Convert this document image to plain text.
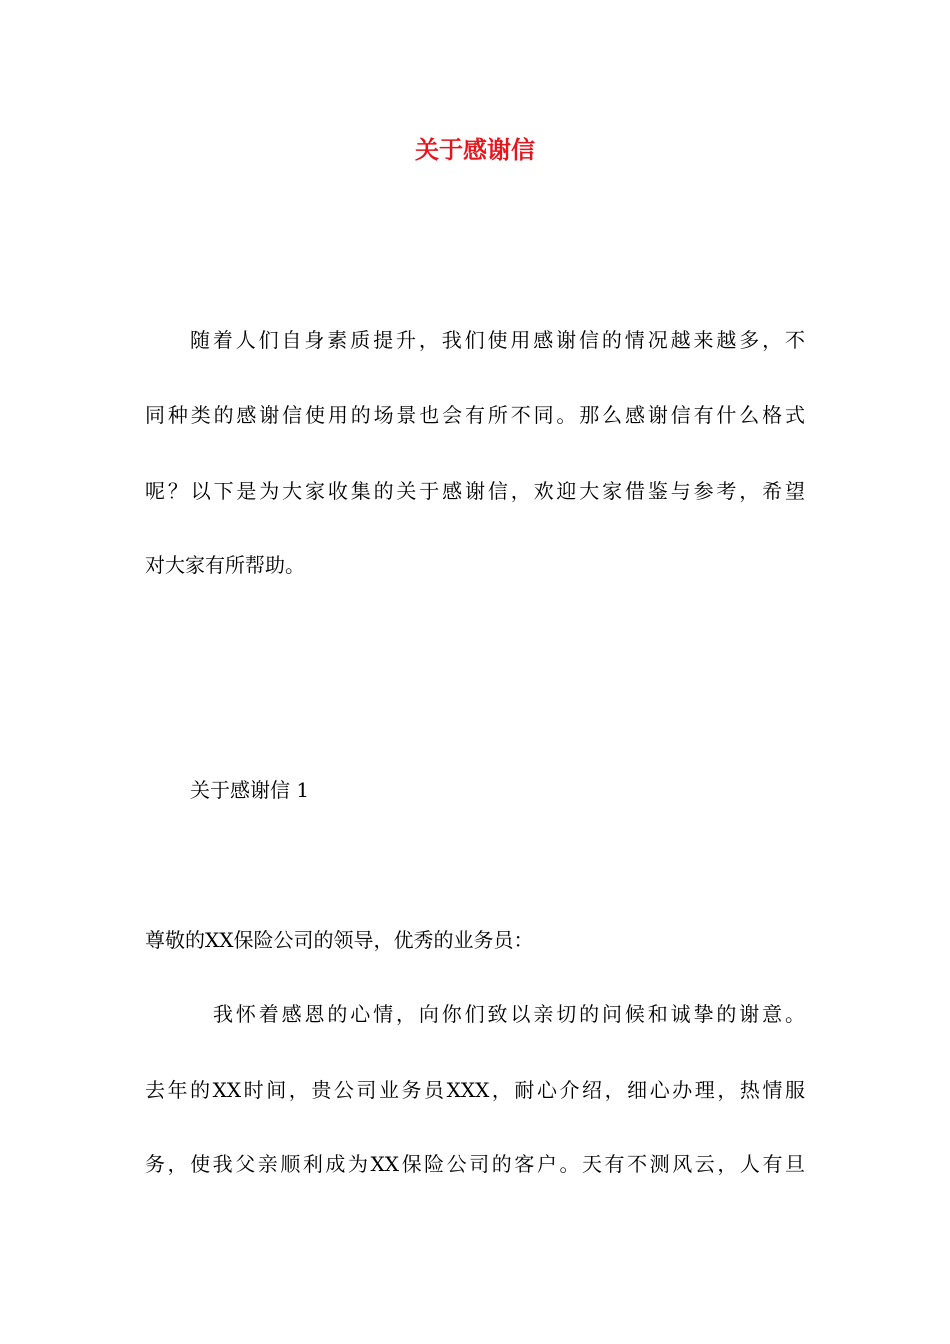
关于感谢信
随着人们自身素质提升，我们使用感谢信的情况越来越多，不
同种类的感谢信使用的场景也会有所不同。那么感谢信有什么格式
呢？以下是为大家收集的关于感谢信，欢迎大家借鉴与参考，希望
对大家有所帮助。
关于感谢信 1
尊敬的XX保险公司的领导，优秀的业务员：
我怀着感恩的心情，向你们致以亲切的问候和诚挚的谢意。
去年的XX时间，贵公司业务员XXX，耐心介绍，细心办理，热情服
务，使我父亲顺利成为XX保险公司的客户。天有不测风云，人有旦
